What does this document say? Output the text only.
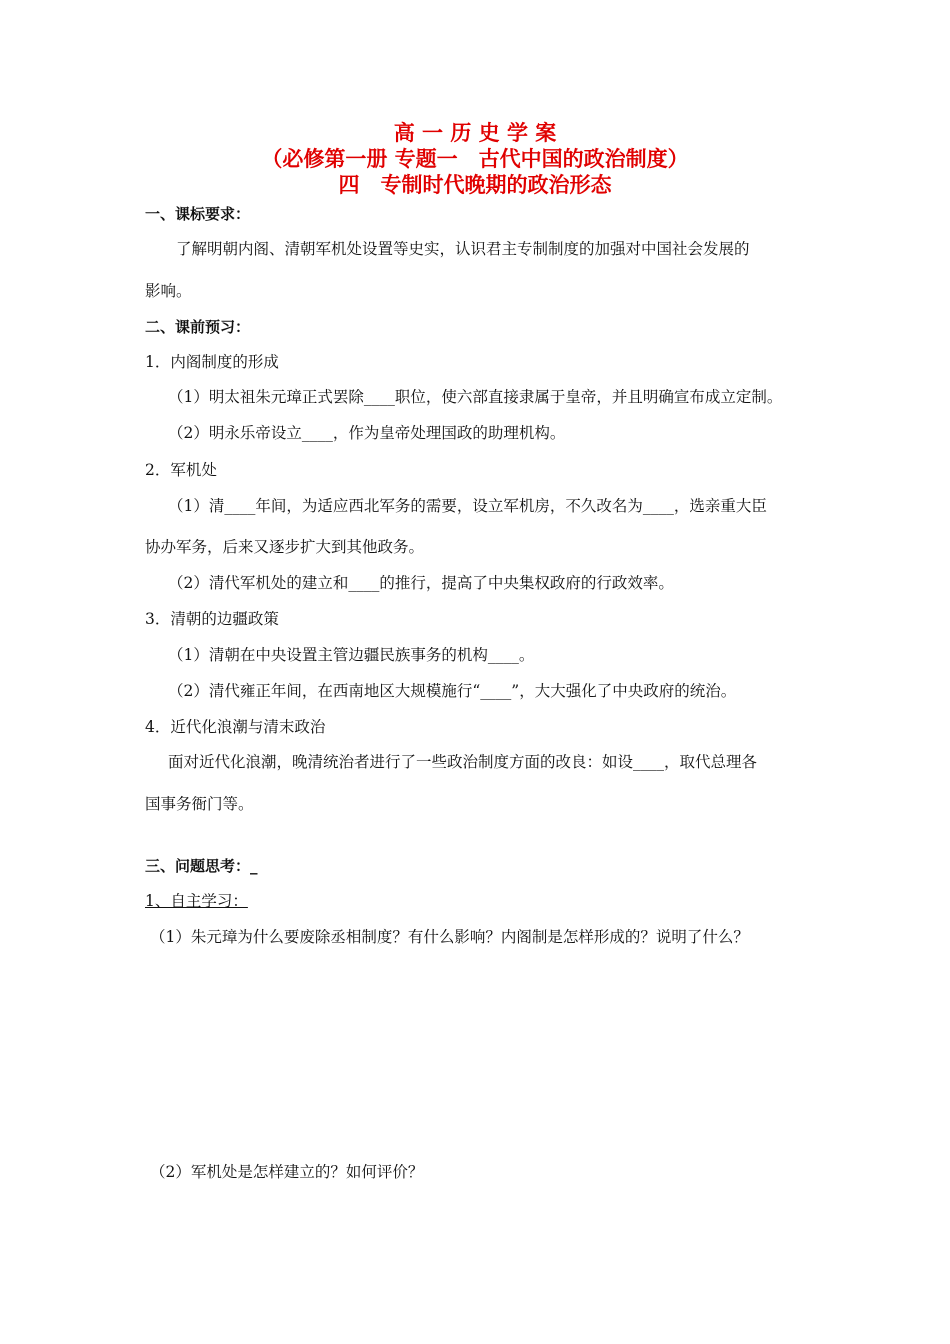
高 一 历 史 学 案
（必修第一册 专题一　古代中国的政治制度）
四　专制时代晚期的政治形态
一、课标要求：
了解明朝内阁、清朝军机处设置等史实，认识君主专制制度的加强对中国社会发展的
影响。
二、课前预习：
1．内阁制度的形成
（1）明太祖朱元璋正式罢除____职位，使六部直接隶属于皇帝，并且明确宣布成立定制。
（2）明永乐帝设立____，作为皇帝处理国政的助理机构。
2．军机处
（1）清____年间，为适应西北军务的需要，设立军机房，不久改名为____，选亲重大臣
协办军务，后来又逐步扩大到其他政务。
（2）清代军机处的建立和____的推行，提高了中央集权政府的行政效率。
3．清朝的边疆政策
（1）清朝在中央设置主管边疆民族事务的机构____。
（2）清代雍正年间，在西南地区大规模施行“____”，大大强化了中央政府的统治。
4．近代化浪潮与清末政治
面对近代化浪潮，晚清统治者进行了一些政治制度方面的改良：如设____，取代总理各
国事务衙门等。
三、问题思考：_
1、自主学习：
（1）朱元璋为什么要废除丞相制度？有什么影响？内阁制是怎样形成的？说明了什么？
（2）军机处是怎样建立的？如何评价？
